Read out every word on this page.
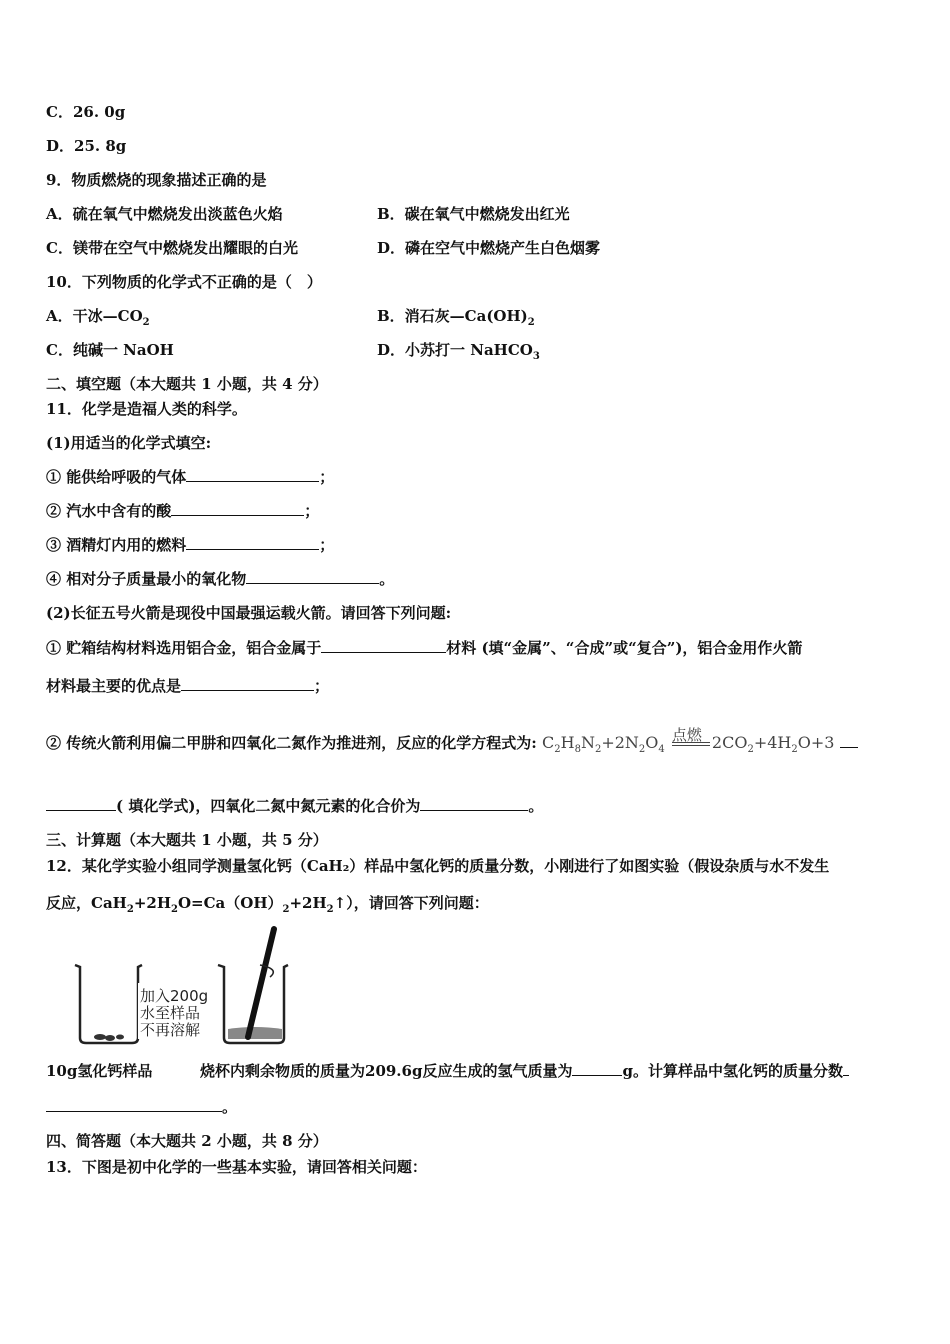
C．26. 0g
D．25. 8g
9．物质燃烧的现象描述正确的是
A．硫在氧气中燃烧发出淡蓝色火焰	B．碳在氧气中燃烧发出红光
C．镁带在空气中燃烧发出耀眼的白光	D．磷在空气中燃烧产生白色烟雾
10．下列物质的化学式不正确的是（　）
A．干冰$—CO_2$	B．消石灰$—Ca(OH)_2$
C．纯碱一 NaOH	D．小苏打一 NaHCO$_3$
二、填空题（本大题共 1 小题，共 4 分）
11．化学是造福人类的科学。
(1)用适当的化学式填空:
① 能供给呼吸的气体	；
② 汽水中含有的酸	；
③ 酒精灯内用的燃料	；
④ 相对分子质量最小的氧化物	。
(2)长征五号火箭是现役中国最强运载火箭。请回答下列问题:
① 贮箱结构材料选用铝合金，铝合金属于	材料 (填“金属”、“合成”或“复合”)，铝合金用作火箭
材料最主要的优点是	；
② 传统火箭利用偏二甲肼和四氧化二氮作为推进剂，反应的化学方程式为: $C_2H_8N_2+2N_2O_4$
点燃 $2CO_2+4H_2O+3$
( 填化学式)，四氧化二氮中氮元素的化合价为	。
三、计算题（本大题共 1 小题，共 5 分）
12．某化学实验小组同学测量氢化钙（CaH₂）样品中氢化钙的质量分数，小刚进行了如图实验（假设杂质与水不发生
反应，$CaH_2+2H_2O=Ca(OH)_2+2H_2↑$），请回答下列问题：
加入200g
水至样品
不再溶解
10g氢化钙样品	烧杯内剩余物质的质量为209.6g反应生成的氢气质量为	g。计算样品中氢化钙的质量分数
。
四、简答题（本大题共 2 小题，共 8 分）
13．下图是初中化学的一些基本实验，请回答相关问题：
